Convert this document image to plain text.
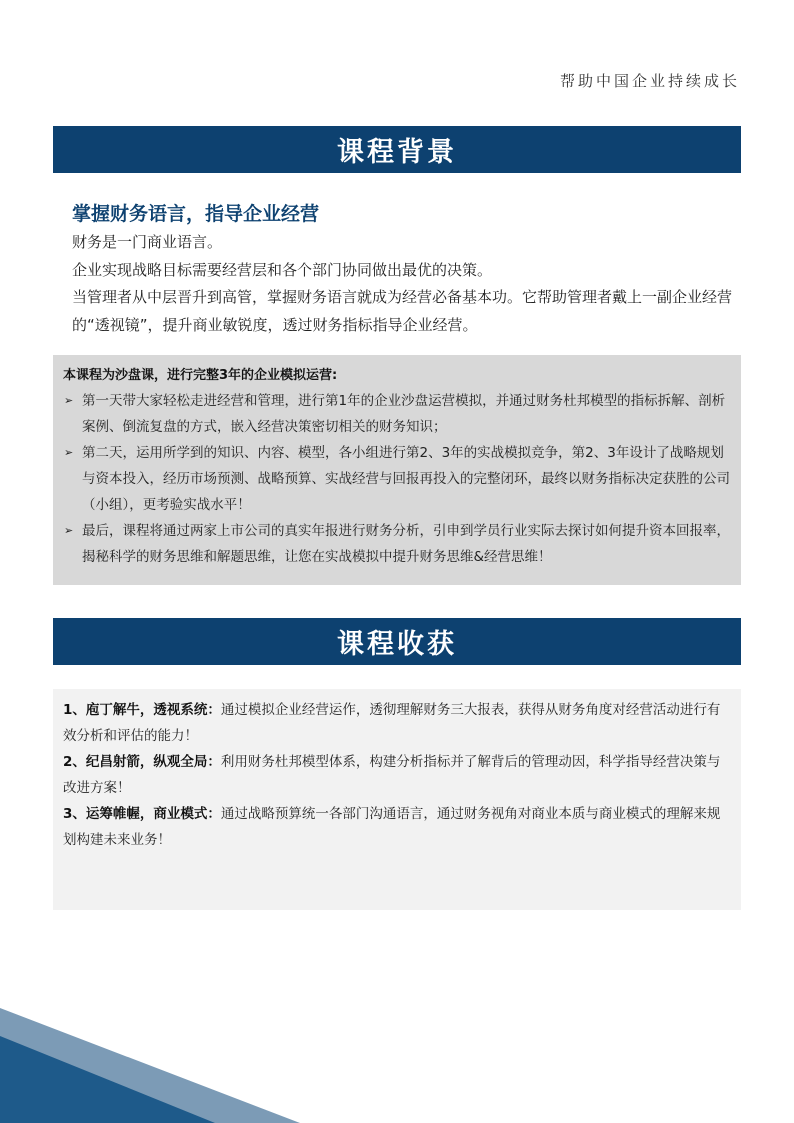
帮助中国企业持续成长
课程背景
掌握财务语言，指导企业经营

财务是一门商业语言。

企业实现战略目标需要经营层和各个部门协同做出最优的决策。

当管理者从中层晋升到高管，掌握财务语言就成为经营必备基本功。它帮助管理者戴上一副企业经营的“透视镜”，提升商业敏锐度，透过财务指标指导企业经营。

本课程为沙盘课，进行完整3年的企业模拟运营:
➢ 第一天带大家轻松走进经营和管理，进行第1年的企业沙盘运营模拟，并通过财务杜邦模型的指标拆解、剖析案例、倒流复盘的方式，嵌入经营决策密切相关的财务知识；
➢ 第二天，运用所学到的知识、内容、模型，各小组进行第2、3年的实战模拟竞争，第2、3年设计了战略规划与资本投入，经历市场预测、战略预算、实战经营与回报再投入的完整闭环，最终以财务指标决定获胜的公司（小组），更考验实战水平！
➢ 最后，课程将通过两家上市公司的真实年报进行财务分析，引申到学员行业实际去探讨如何提升资本回报率，揭秘科学的财务思维和解题思维，让您在实战模拟中提升财务思维&经营思维！
课程收获

1、庖丁解牛，透视系统：通过模拟企业经营运作，透彻理解财务三大报表，获得从财务角度对经营活动进行有效分析和评估的能力！

2、纪昌射箭，纵观全局：利用财务杜邦模型体系，构建分析指标并了解背后的管理动因，科学指导经营决策与改进方案！

3、运筹帷幄，商业模式：通过战略预算统一各部门沟通语言，通过财务视角对商业本质与商业模式的理解来规划构建未来业务！
